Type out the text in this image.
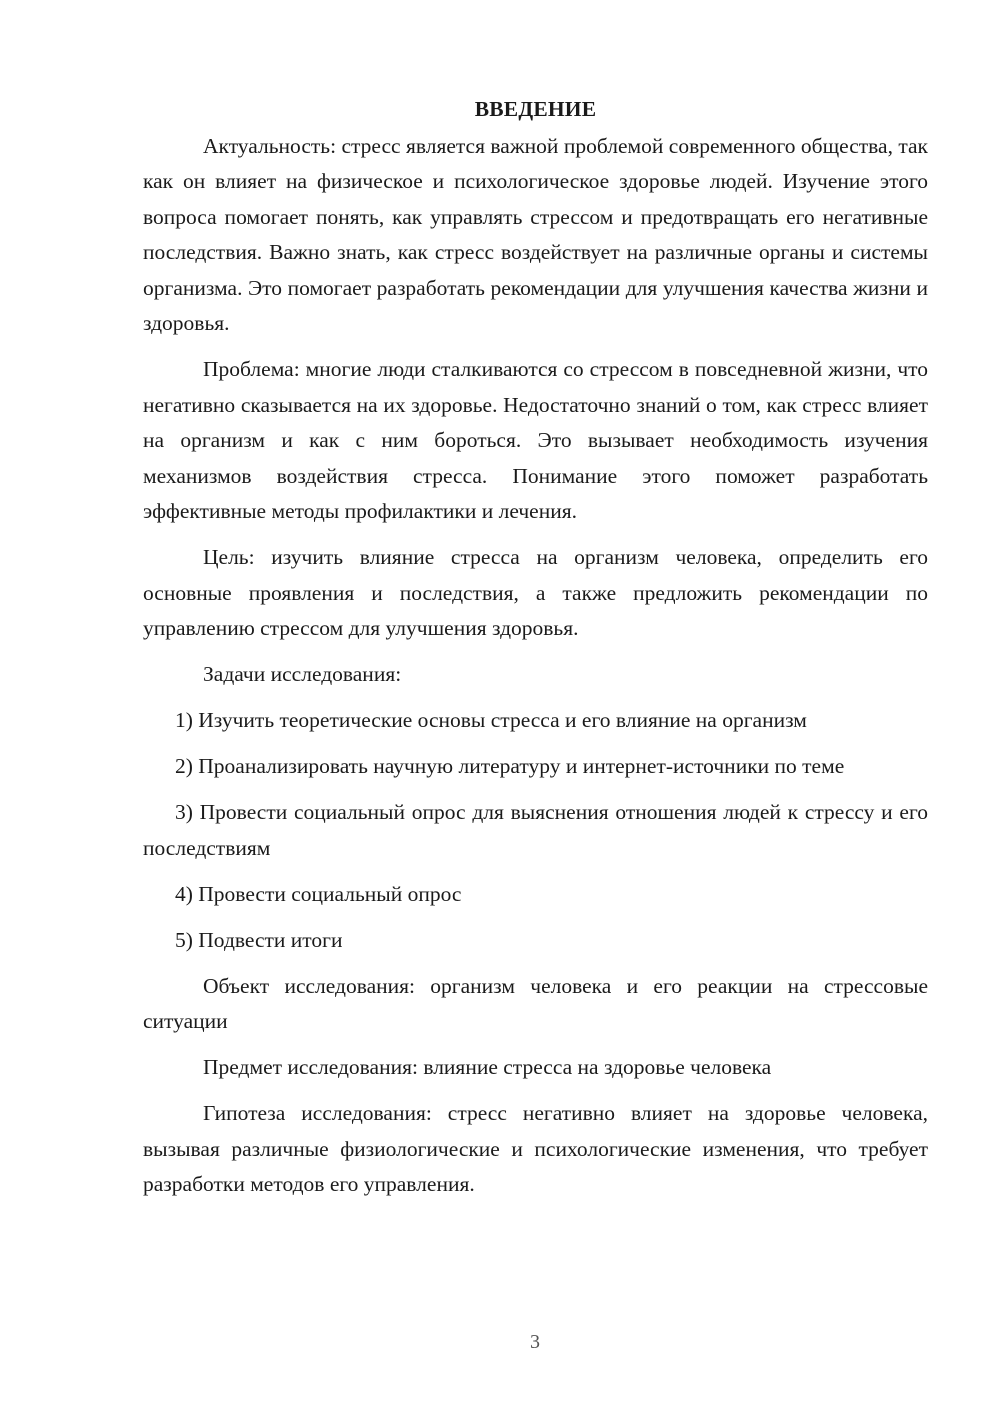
ВВЕДЕНИЕ

Актуальность: стресс является важной проблемой современного общества, так как он влияет на физическое и психологическое здоровье людей. Изучение этого вопроса помогает понять, как управлять стрессом и предотвращать его негативные последствия. Важно знать, как стресс воздействует на различные органы и системы организма. Это помогает разработать рекомендации для улучшения качества жизни и здоровья.

Проблема: многие люди сталкиваются со стрессом в повседневной жизни, что негативно сказывается на их здоровье. Недостаточно знаний о том, как стресс влияет на организм и как с ним бороться. Это вызывает необходимость изучения механизмов воздействия стресса. Понимание этого поможет разработать эффективные методы профилактики и лечения.

Цель: изучить влияние стресса на организм человека, определить его основные проявления и последствия, а также предложить рекомендации по управлению стрессом для улучшения здоровья.

Задачи исследования:

1) Изучить теоретические основы стресса и его влияние на организм

2) Проанализировать научную литературу и интернет-источники по теме

3) Провести социальный опрос для выяснения отношения людей к стрессу и его последствиям

4) Провести социальный опрос

5) Подвести итоги

Объект исследования: организм человека и его реакции на стрессовые ситуации

Предмет исследования: влияние стресса на здоровье человека

Гипотеза исследования: стресс негативно влияет на здоровье человека, вызывая различные физиологические и психологические изменения, что требует разработки методов его управления.

3
